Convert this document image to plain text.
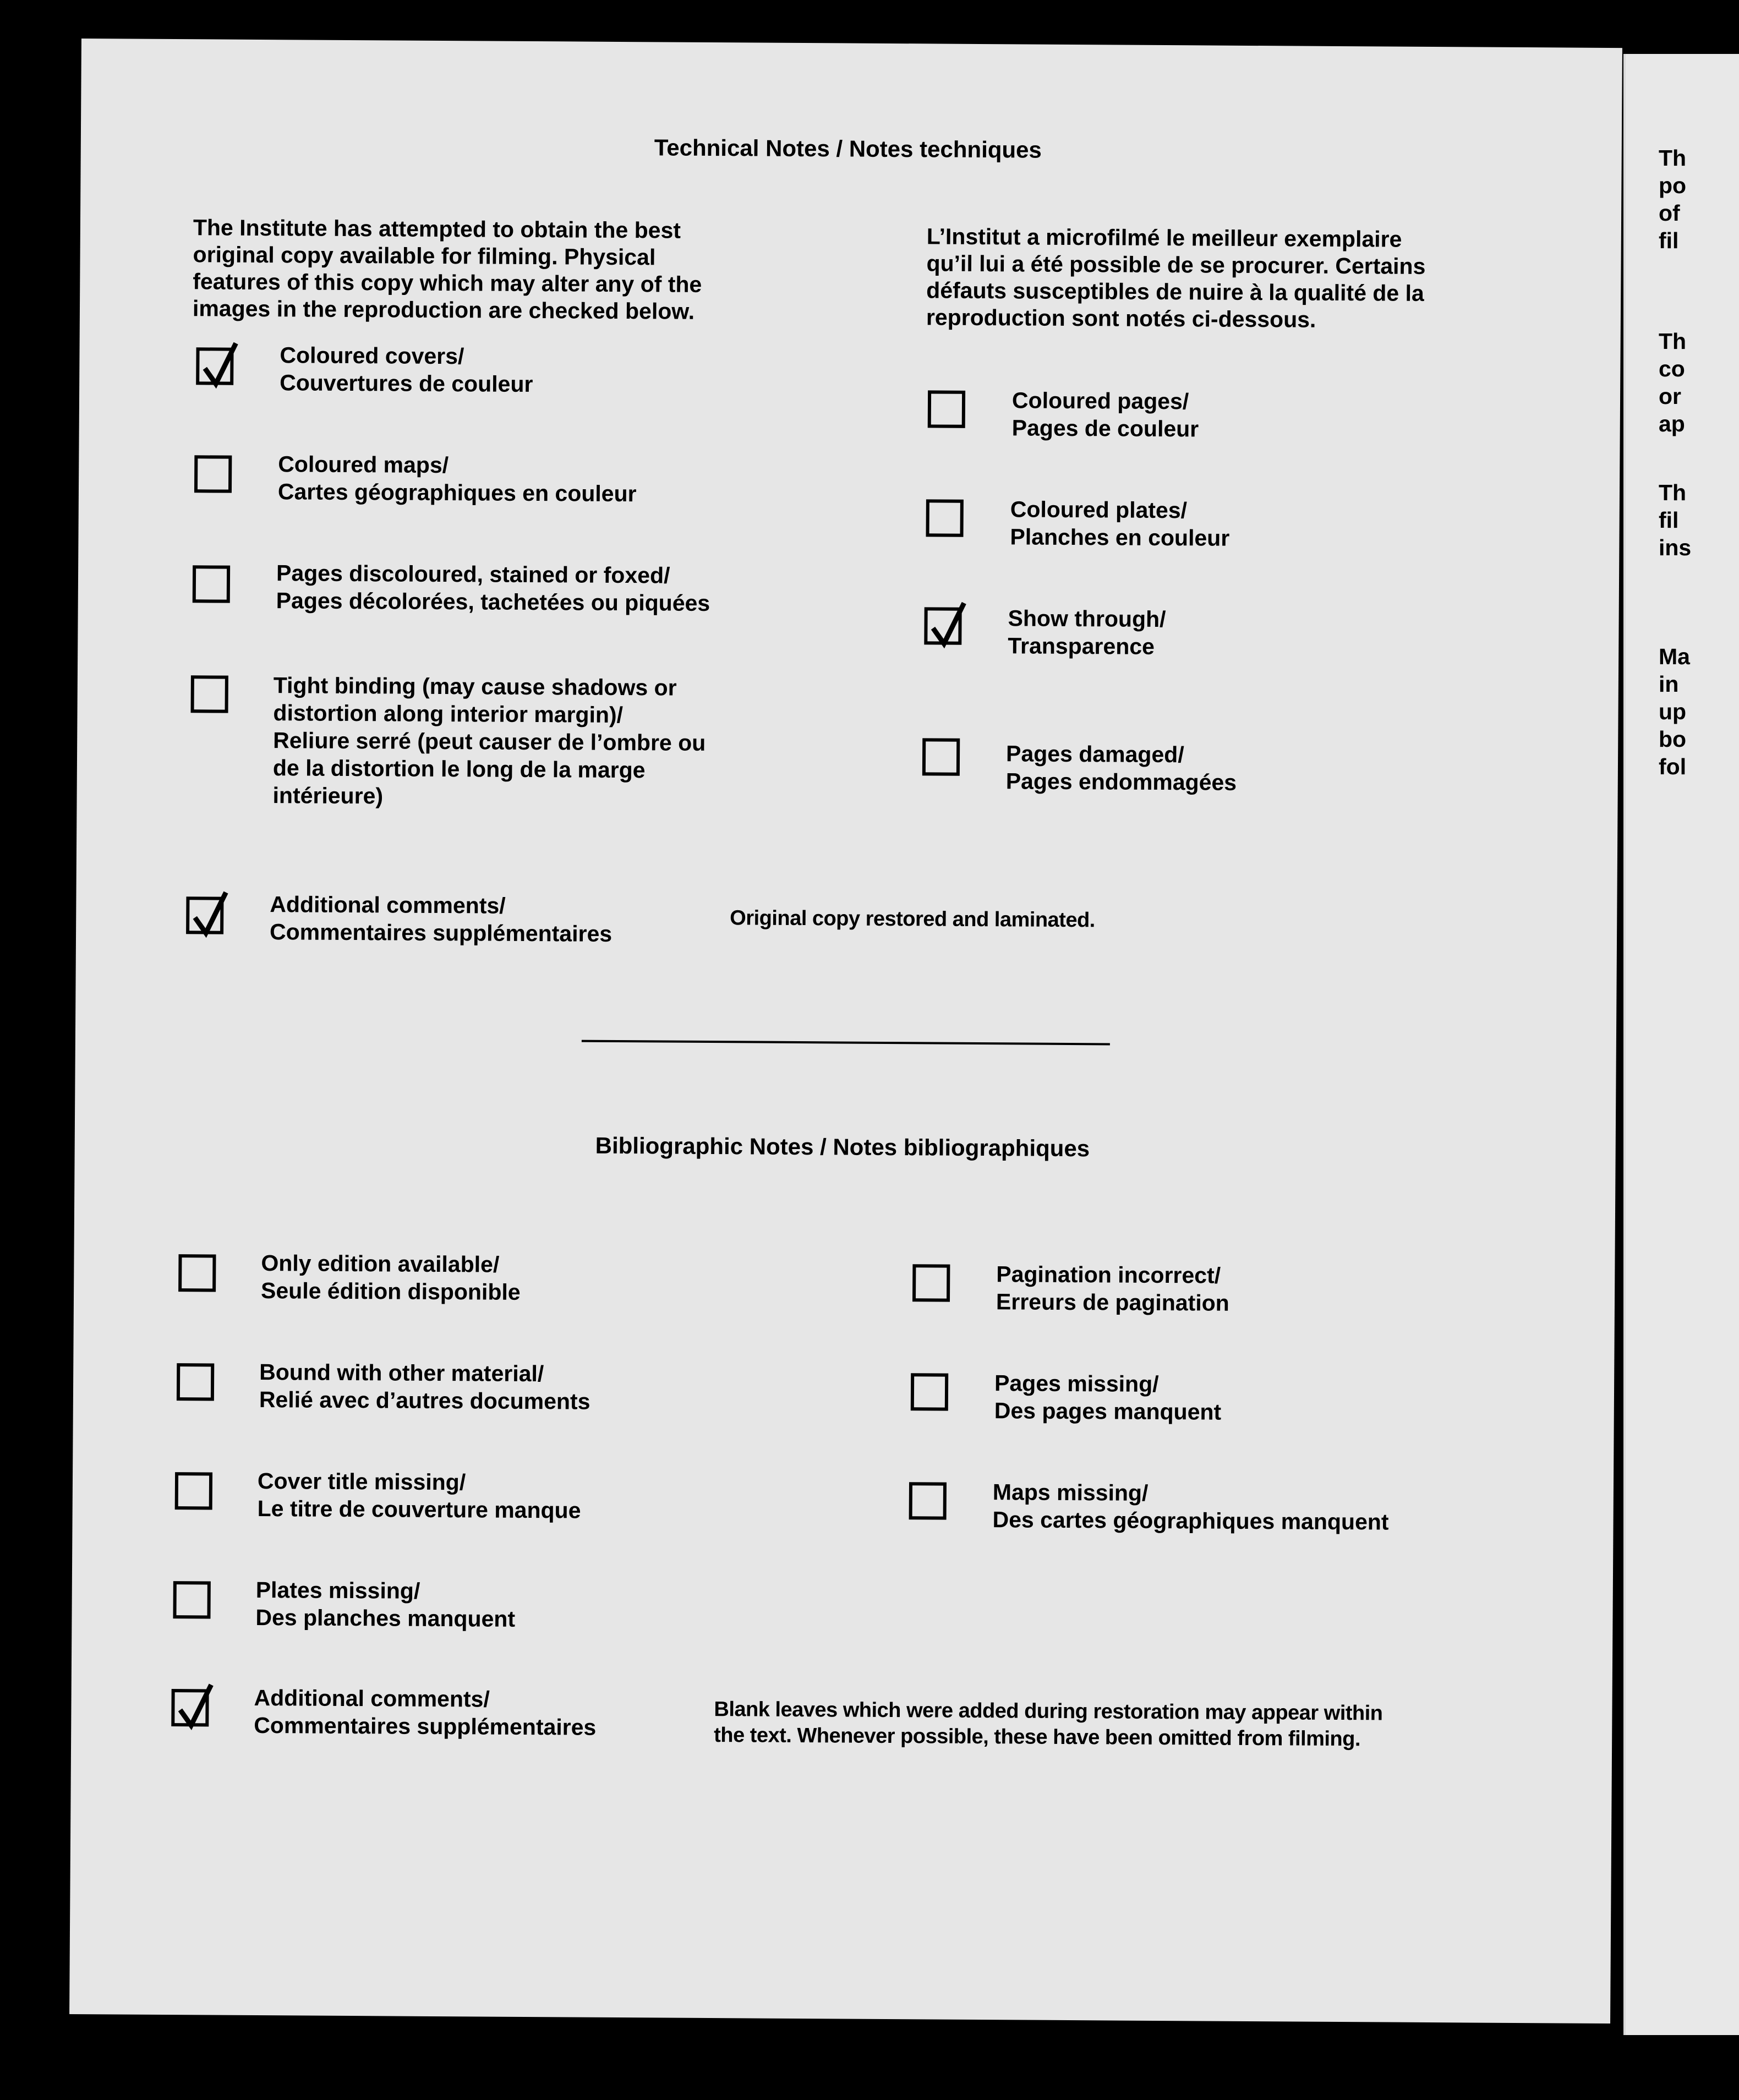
Th
po
of
fil
Th
co
or
ap
Th
fil
ins
Ma
in
up
bo
fol
Technical Notes / Notes techniques
The Institute has attempted to obtain the best
original copy available for filming. Physical
features of this copy which may alter any of the
images in the reproduction are checked below.
L’Institut a microfilmé le meilleur exemplaire
qu’il lui a été possible de se procurer. Certains
défauts susceptibles de nuire à la qualité de la
reproduction sont notés ci-dessous.
Coloured covers/
Couvertures de couleur
Coloured maps/
Cartes géographiques en couleur
Pages discoloured, stained or foxed/
Pages décolorées, tachetées ou piquées
Tight binding (may cause shadows or
distortion along interior margin)/
Reliure serré (peut causer de l’ombre ou
de la distortion le long de la marge
intérieure)
Additional comments/
Commentaires supplémentaires	Original copy restored and laminated.
Coloured pages/
Pages de couleur
Coloured plates/
Planches en couleur
Show through/
Transparence
Pages damaged/
Pages endommagées
Bibliographic Notes / Notes bibliographiques
Only edition available/
Seule édition disponible
Bound with other material/
Relié avec d’autres documents
Cover title missing/
Le titre de couverture manque
Plates missing/
Des planches manquent
Additional comments/
Commentaires supplémentaires
Blank leaves which were added during restoration may appear within
the text. Whenever possible, these have been omitted from filming.
Pagination incorrect/
Erreurs de pagination
Pages missing/
Des pages manquent
Maps missing/
Des cartes géographiques manquent
